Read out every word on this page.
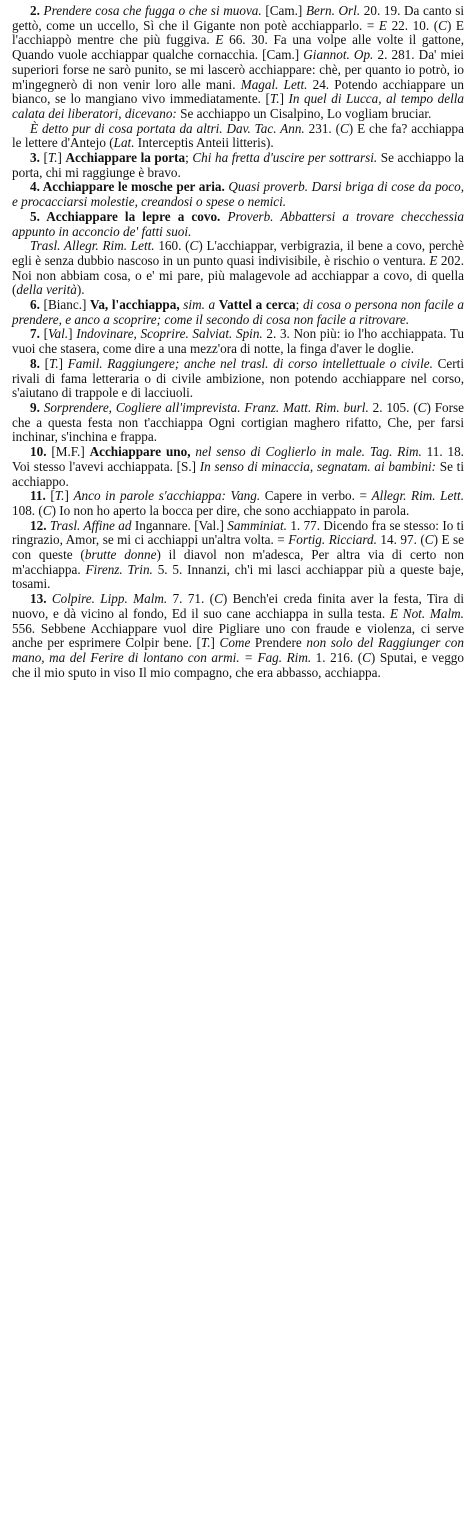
2. Prendere cosa che fugga o che si muova. [Cam.] Bern. Orl. 20. 19. Da canto si gettò, come un uccello, Sì che il Gigante non potè acchiapparlo. = E 22. 10. (C) E l'acchiappò mentre che più fuggiva. E 66. 30. Fa una volpe alle volte il gattone, Quando vuole acchiappar qualche cornacchia. [Cam.] Giannot. Op. 2. 281. Da' miei superiori forse ne sarò punito, se mi lascerò acchiappare: chè, per quanto io potrò, io m'ingegnerò di non venir loro alle mani. Magal. Lett. 24. Potendo acchiappare un bianco, se lo mangiano vivo immediatamente. [T.] In quel di Lucca, al tempo della calata dei liberatori, dicevano: Se acchiappo un Cisalpino, Lo vogliam bruciar.

È detto pur di cosa portata da altri. Dav. Tac. Ann. 231. (C) E che fa? acchiappa le lettere d'Antejo (Lat. Interceptis Anteii litteris).

3. [T.] Acchiappare la porta; Chi ha fretta d'uscire per sottrarsi. Se acchiappo la porta, chi mi raggiunge è bravo.

4. Acchiappare le mosche per aria. Quasi proverb. Darsi briga di cose da poco, e procacciarsi molestie, creandosi o spese o nemici.

5. Acchiappare la lepre a covo. Proverb. Abbattersi a trovare checchessia appunto in acconcio de' fatti suoi.

Trasl. Allegr. Rim. Lett. 160. (C) L'acchiappar, verbigrazia, il bene a covo, perchè egli è senza dubbio nascoso in un punto quasi indivisibile, è rischio o ventura. E 202. Noi non abbiam cosa, o e' mi pare, più malagevole ad acchiappar a covo, di quella (della verità).

6. [Bianc.] Va, l'acchiappa, sim. a Vattel a cerca; di cosa o persona non facile a prendere, e anco a scoprire; come il secondo di cosa non facile a ritrovare.

7. [Val.] Indovinare, Scoprire. Salviat. Spin. 2. 3. Non più: io l'ho acchiappata. Tu vuoi che stasera, come dire a una mezz'ora di notte, la finga d'aver le doglie.

8. [T.] Famil. Raggiungere; anche nel trasl. di corso intellettuale o civile. Certi rivali di fama letteraria o di civile ambizione, non potendo acchiappare nel corso, s'aiutano di trappole e di lacciuoli.

9. Sorprendere, Cogliere all'imprevista. Franz. Matt. Rim. burl. 2. 105. (C) Forse che a questa festa non t'acchiappa Ogni cortigian maghero rifatto, Che, per farsi inchinar, s'inchina e frappa.

10. [M.F.] Acchiappare uno, nel senso di Coglierlo in male. Tag. Rim. 11. 18. Voi stesso l'avevi acchiappata. [S.] In senso di minaccia, segnatam. ai bambini: Se ti acchiappo.

11. [T.] Anco in parole s'acchiappa: Vang. Capere in verbo. = Allegr. Rim. Lett. 108. (C) Io non ho aperto la bocca per dire, che sono acchiappato in parola.

12. Trasl. Affine ad Ingannare. [Val.] Samminiat. 1. 77. Dicendo fra se stesso: Io ti ringrazio, Amor, se mi ci acchiappi un'altra volta. = Fortig. Ricciard. 14. 97. (C) E se con queste (brutte donne) il diavol non m'adesca, Per altra via di certo non m'acchiappa. Firenz. Trin. 5. 5. Innanzi, ch'i mi lasci acchiappar più a queste baje, tosami.

13. Colpire. Lipp. Malm. 7. 71. (C) Bench'ei creda finita aver la festa, Tira di nuovo, e dà vicino al fondo, Ed il suo cane acchiappa in sulla testa. E Not. Malm. 556. Sebbene Acchiappare vuol dire Pigliare uno con fraude e violenza, ci serve anche per esprimere Colpir bene. [T.] Come Prendere non solo del Raggiunger con mano, ma del Ferire di lontano con armi. = Fag. Rim. 1. 216. (C) Sputai, e veggo che il mio sputo in viso Il mio compagno, che era abbasso, acchiappa.
